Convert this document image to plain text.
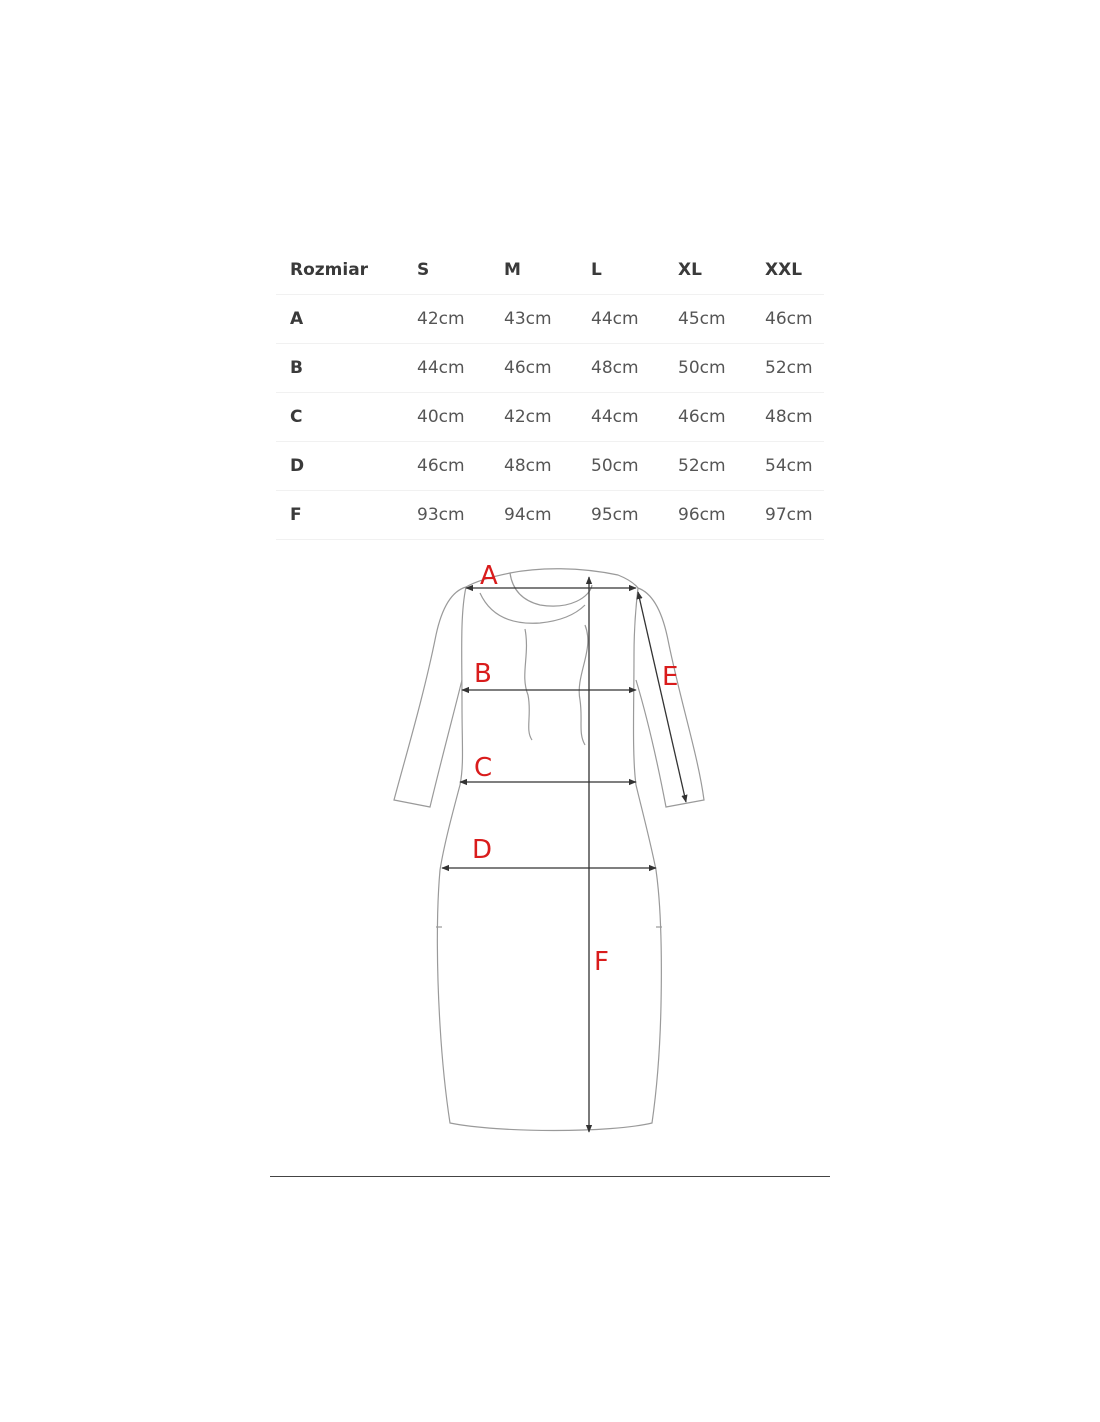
Rozmiar	S	M	L	XL	XXL
A	42cm	43cm	44cm	45cm	46cm
B	44cm	46cm	48cm	50cm	52cm
C	40cm	42cm	44cm	46cm	48cm
D	46cm	48cm	50cm	52cm	54cm
F	93cm	94cm	95cm	96cm	97cm
A
B
C
D
E
F
